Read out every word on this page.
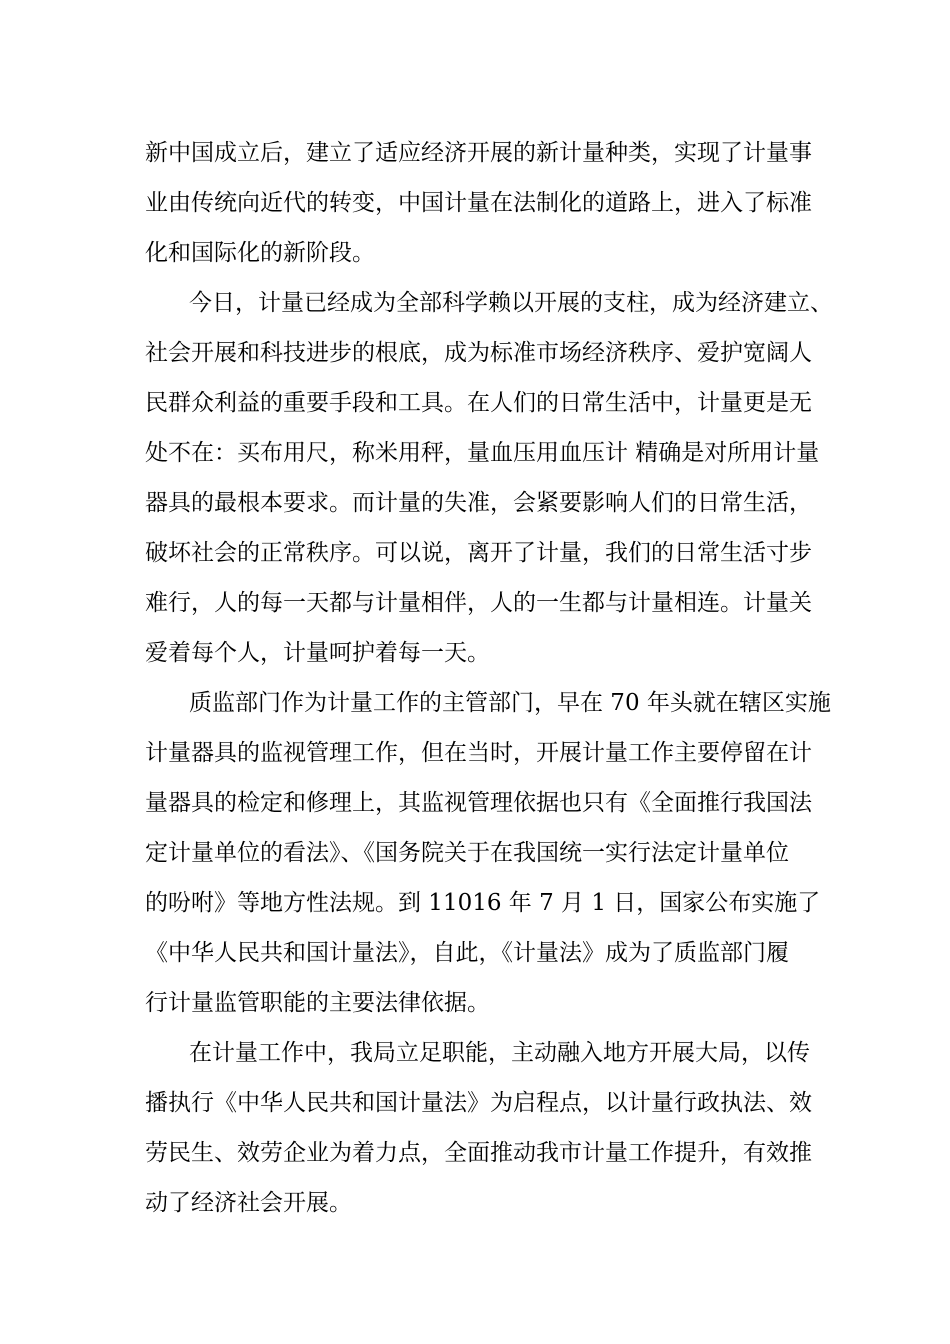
新中国成立后，建立了适应经济开展的新计量种类，实现了计量事
业由传统向近代的转变，中国计量在法制化的道路上，进入了标准
化和国际化的新阶段。
今日，计量已经成为全部科学赖以开展的支柱，成为经济建立、
社会开展和科技进步的根底，成为标准市场经济秩序、爱护宽阔人
民群众利益的重要手段和工具。在人们的日常生活中，计量更是无
处不在：买布用尺，称米用秤，量血压用血压计 精确是对所用计量
器具的最根本要求。而计量的失准，会紧要影响人们的日常生活，
破坏社会的正常秩序。可以说，离开了计量，我们的日常生活寸步
难行，人的每一天都与计量相伴，人的一生都与计量相连。计量关
爱着每个人，计量呵护着每一天。
质监部门作为计量工作的主管部门，早在 70 年头就在辖区实施
计量器具的监视管理工作，但在当时，开展计量工作主要停留在计
量器具的检定和修理上，其监视管理依据也只有《全面推行我国法
定计量单位的看法》、《国务院关于在我国统一实行法定计量单位
的吩咐》等地方性法规。到 11016 年 7 月 1 日，国家公布实施了
《中华人民共和国计量法》，自此，《计量法》成为了质监部门履
行计量监管职能的主要法律依据。
在计量工作中，我局立足职能，主动融入地方开展大局，以传
播执行《中华人民共和国计量法》为启程点，以计量行政执法、效
劳民生、效劳企业为着力点，全面推动我市计量工作提升，有效推
动了经济社会开展。
